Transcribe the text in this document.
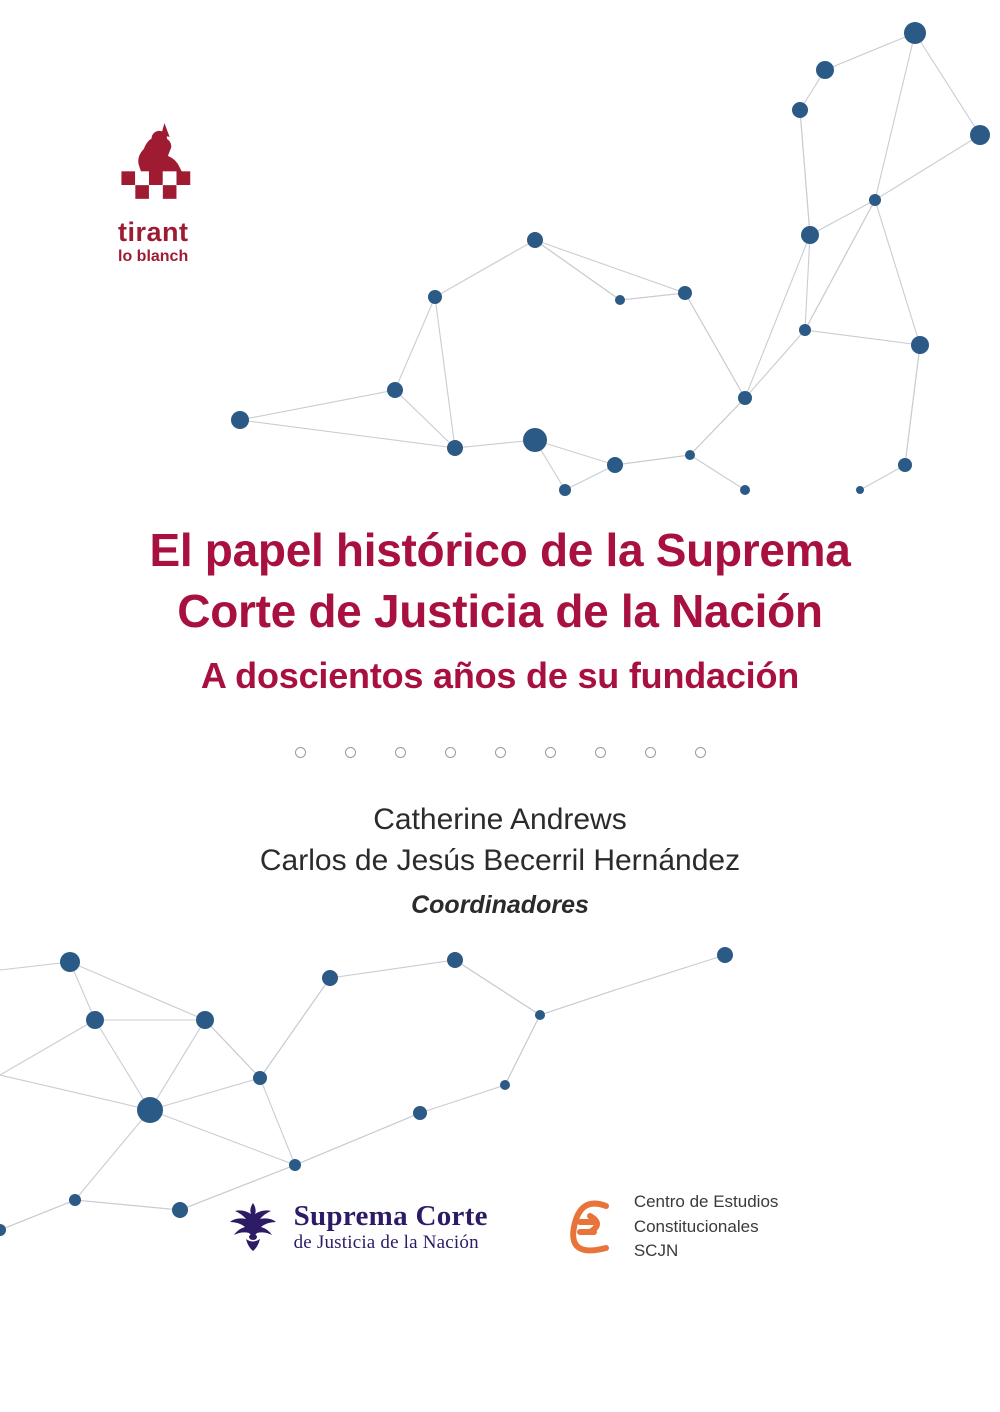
tirant
lo blanch
El papel histórico de la Suprema
Corte de Justicia de la Nación
A doscientos años de su fundación
Catherine Andrews
Carlos de Jesús Becerril Hernández
Coordinadores
Suprema Corte
de Justicia de la Nación
Centro de Estudios
Constitucionales
SCJN
